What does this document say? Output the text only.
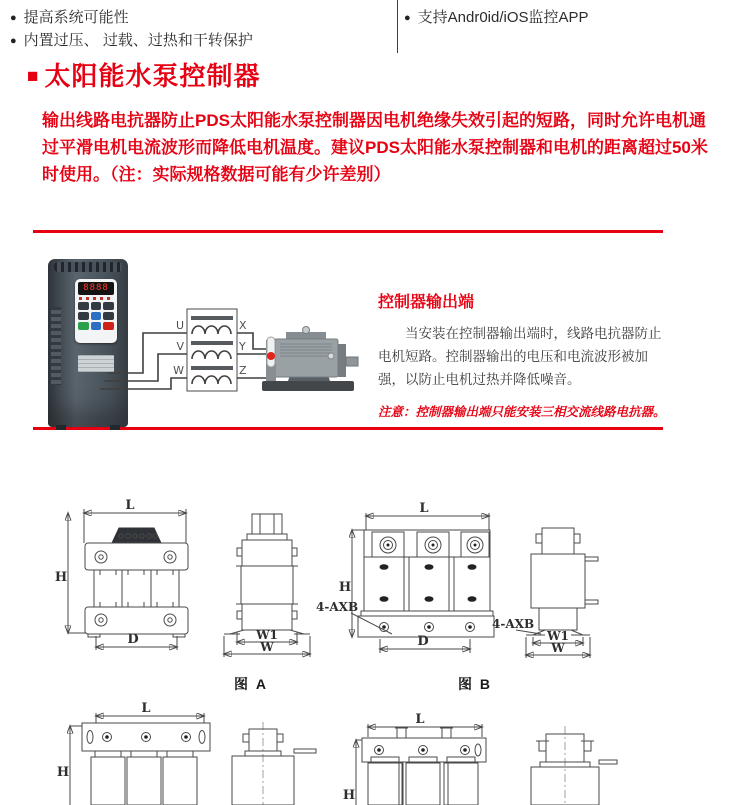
● 提高系统可能性
● 内置过压、 过载、过热和干转保护
● 支持Andr0id/iOS监控APP
■ 太阳能水泵控制器

输出线路电抗器防止PDS太阳能水泵控制器因电机绝缘失效引起的短路，同时允许电机通过平滑电机电流波形而降低电机温度。建议PDS太阳能水泵控制器和电机的距离超过50米时使用。（注：实际规格数据可能有少许差别）

8888
U
V
W
X
Y
Z
控制器输出端

当安装在控制器输出端时，线路电抗器防止电机短路。控制器输出的电压和电流波形被加强，以防止电机过热并降低噪音。

注意：控制器输出端只能安装三相交流线路电抗器。

L
H
D	W1
W
图 A
L
H
4-AXB
D
4-AXB
W1
W
图 B
L
H
L
H
